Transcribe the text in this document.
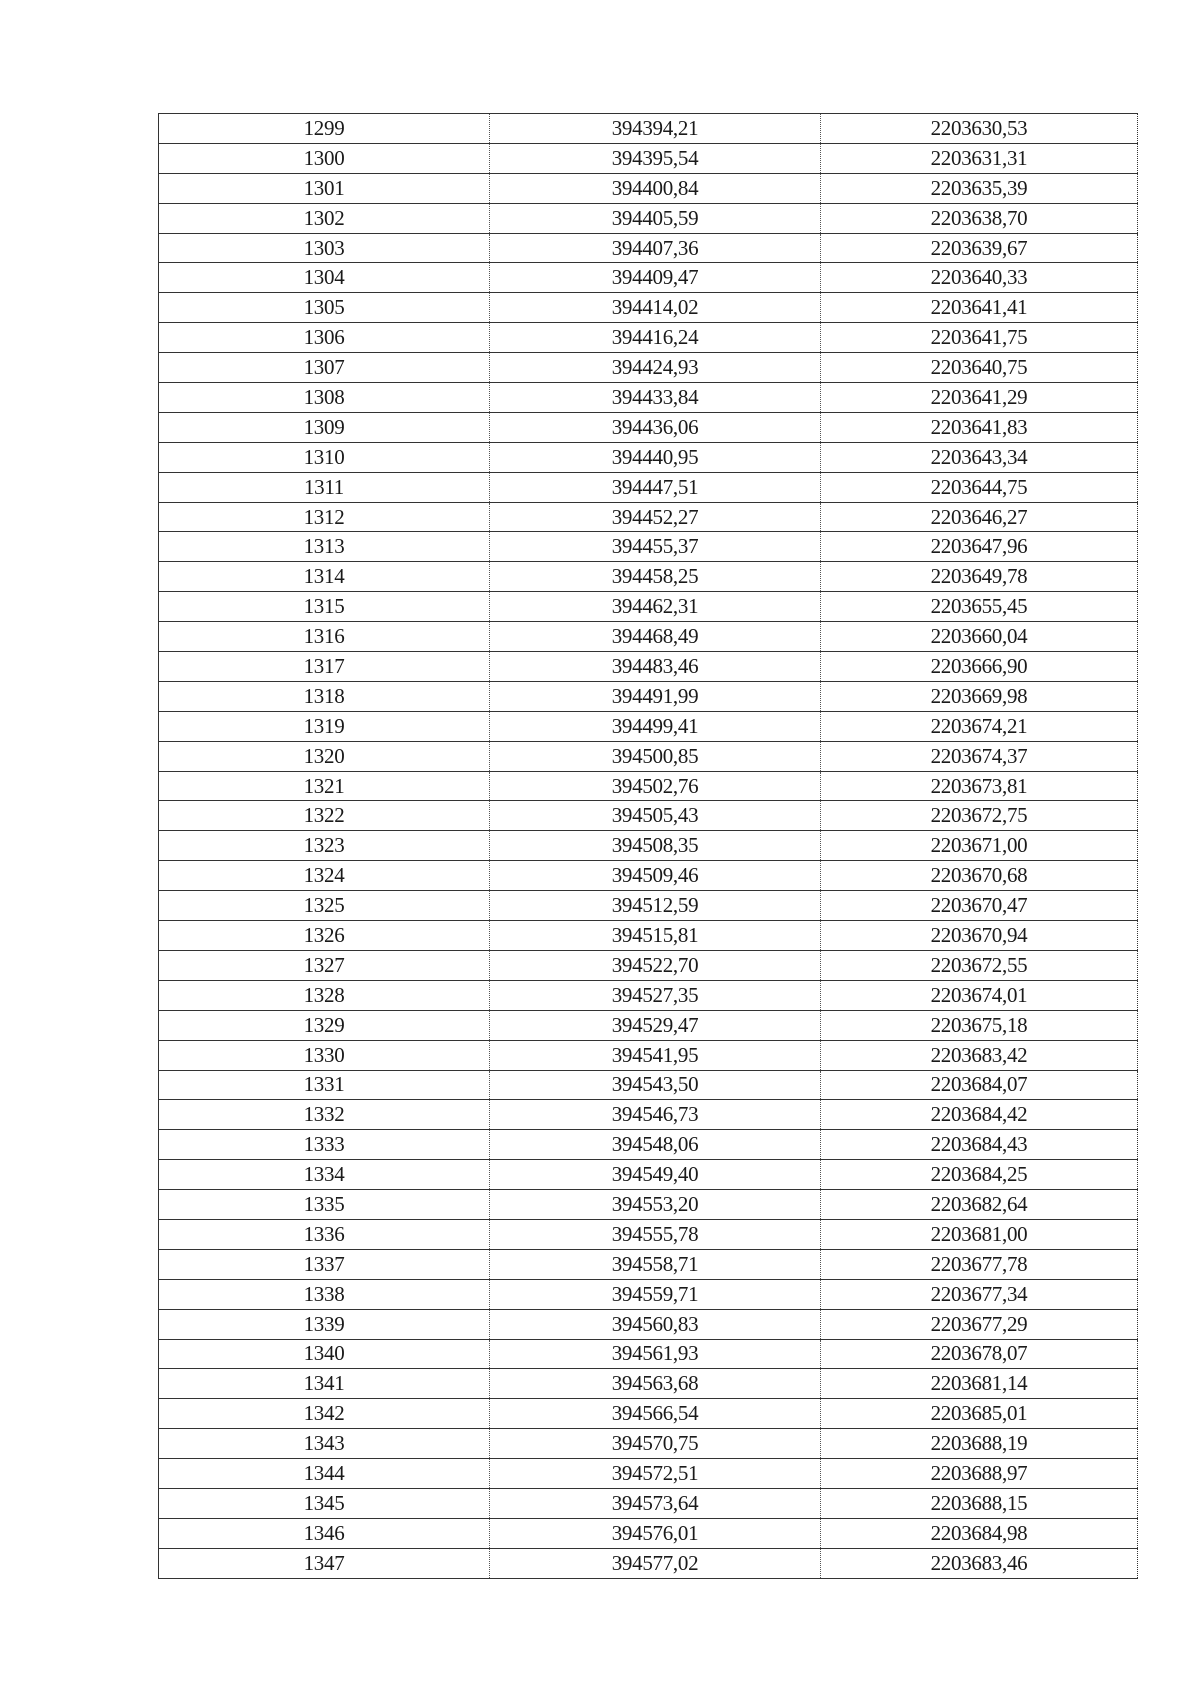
1299	394394,21	2203630,53
1300	394395,54	2203631,31
1301	394400,84	2203635,39
1302	394405,59	2203638,70
1303	394407,36	2203639,67
1304	394409,47	2203640,33
1305	394414,02	2203641,41
1306	394416,24	2203641,75
1307	394424,93	2203640,75
1308	394433,84	2203641,29
1309	394436,06	2203641,83
1310	394440,95	2203643,34
1311	394447,51	2203644,75
1312	394452,27	2203646,27
1313	394455,37	2203647,96
1314	394458,25	2203649,78
1315	394462,31	2203655,45
1316	394468,49	2203660,04
1317	394483,46	2203666,90
1318	394491,99	2203669,98
1319	394499,41	2203674,21
1320	394500,85	2203674,37
1321	394502,76	2203673,81
1322	394505,43	2203672,75
1323	394508,35	2203671,00
1324	394509,46	2203670,68
1325	394512,59	2203670,47
1326	394515,81	2203670,94
1327	394522,70	2203672,55
1328	394527,35	2203674,01
1329	394529,47	2203675,18
1330	394541,95	2203683,42
1331	394543,50	2203684,07
1332	394546,73	2203684,42
1333	394548,06	2203684,43
1334	394549,40	2203684,25
1335	394553,20	2203682,64
1336	394555,78	2203681,00
1337	394558,71	2203677,78
1338	394559,71	2203677,34
1339	394560,83	2203677,29
1340	394561,93	2203678,07
1341	394563,68	2203681,14
1342	394566,54	2203685,01
1343	394570,75	2203688,19
1344	394572,51	2203688,97
1345	394573,64	2203688,15
1346	394576,01	2203684,98
1347	394577,02	2203683,46
